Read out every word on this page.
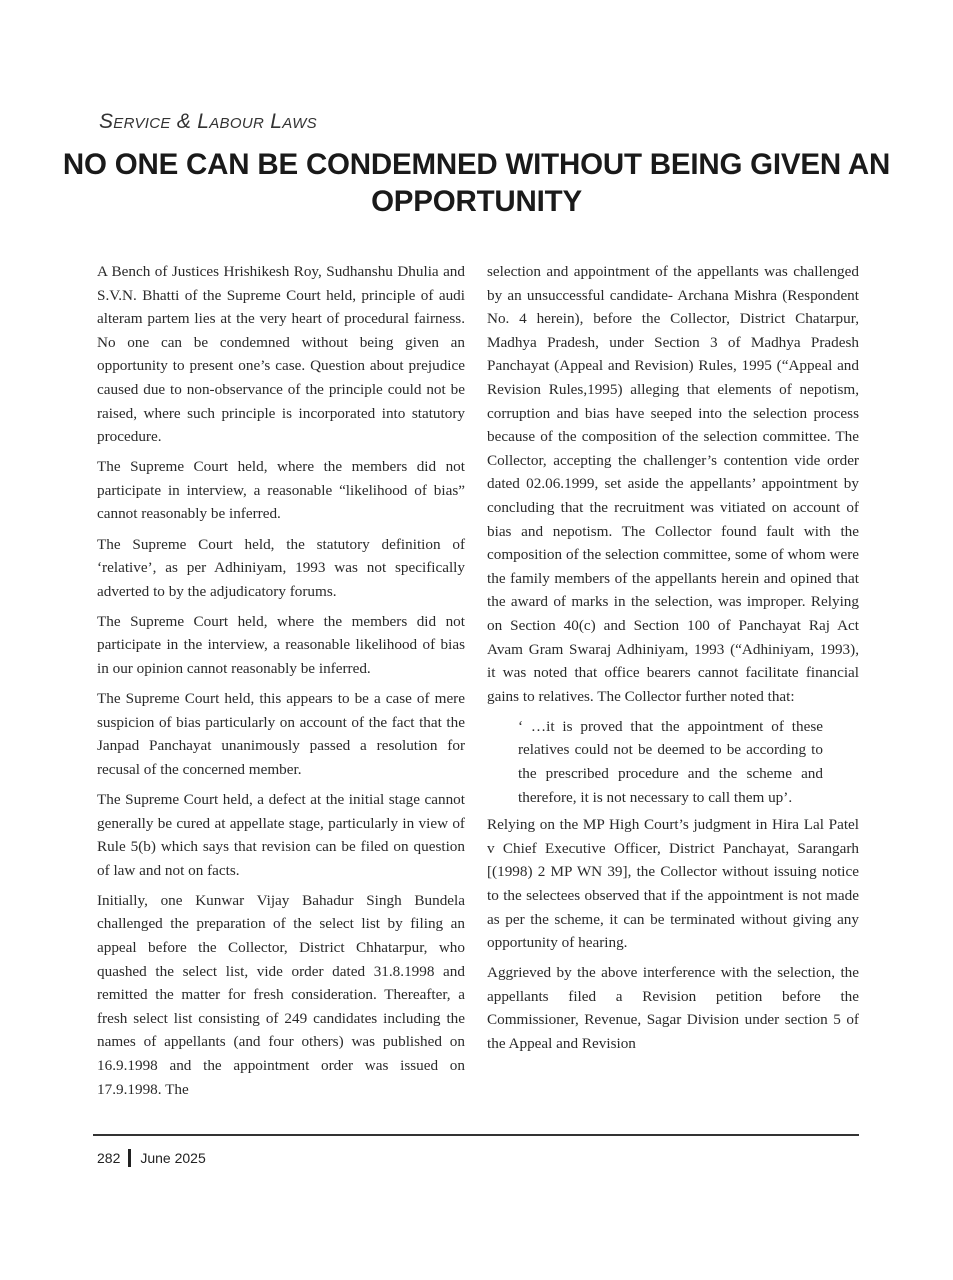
Service & Labour Laws
NO ONE CAN BE CONDEMNED WITHOUT BEING GIVEN AN OPPORTUNITY

A Bench of Justices Hrishikesh Roy, Sudhanshu Dhulia and S.V.N. Bhatti of the Supreme Court held, principle of audi alteram partem lies at the very heart of procedural fairness. No one can be condemned without being given an opportunity to present one’s case. Question about prejudice caused due to non-observance of the principle could not be raised, where such principle is incorporated into statutory procedure.

The Supreme Court held, where the members did not participate in interview, a reasonable “likelihood of bias” cannot reasonably be inferred.

The Supreme Court held, the statutory definition of ‘relative’, as per Adhiniyam, 1993 was not specifically adverted to by the adjudicatory forums.

The Supreme Court held, where the members did not participate in the interview, a reasonable likelihood of bias in our opinion cannot reasonably be inferred.

The Supreme Court held, this appears to be a case of mere suspicion of bias particularly on account of the fact that the Janpad Panchayat unanimously passed a resolution for recusal of the concerned member.

The Supreme Court held, a defect at the initial stage cannot generally be cured at appellate stage, particularly in view of Rule 5(b) which says that revision can be filed on question of law and not on facts.

Initially, one Kunwar Vijay Bahadur Singh Bundela challenged the preparation of the select list by filing an appeal before the Collector, District Chhatarpur, who quashed the select list, vide order dated 31.8.1998 and remitted the matter for fresh consideration. Thereafter, a fresh select list consisting of 249 candidates including the names of appellants (and four others) was published on 16.9.1998 and the appointment order was issued on 17.9.1998. The

selection and appointment of the appellants was challenged by an unsuccessful candidate- Archana Mishra (Respondent No. 4 herein), before the Collector, District Chatarpur, Madhya Pradesh, under Section 3 of Madhya Pradesh Panchayat (Appeal and Revision) Rules, 1995 (“Appeal and Revision Rules,1995) alleging that elements of nepotism, corruption and bias have seeped into the selection process because of the composition of the selection committee. The Collector, accepting the challenger’s contention vide order dated 02.06.1999, set aside the appellants’ appointment by concluding that the recruitment was vitiated on account of bias and nepotism. The Collector found fault with the composition of the selection committee, some of whom were the family members of the appellants herein and opined that the award of marks in the selection, was improper. Relying on Section 40(c) and Section 100 of Panchayat Raj Act Avam Gram Swaraj Adhiniyam, 1993 (“Adhiniyam, 1993), it was noted that office bearers cannot facilitate financial gains to relatives. The Collector further noted that:

‘ …it is proved that the appointment of these relatives could not be deemed to be according to the prescribed procedure and the scheme and therefore, it is not necessary to call them up’.

Relying on the MP High Court’s judgment in Hira Lal Patel v Chief Executive Officer, District Panchayat, Sarangarh [(1998) 2 MP WN 39], the Collector without issuing notice to the selectees observed that if the appointment is not made as per the scheme, it can be terminated without giving any opportunity of hearing.

Aggrieved by the above interference with the selection, the appellants filed a Revision petition before the Commissioner, Revenue, Sagar Division under section 5 of the Appeal and Revision

282 June 2025
